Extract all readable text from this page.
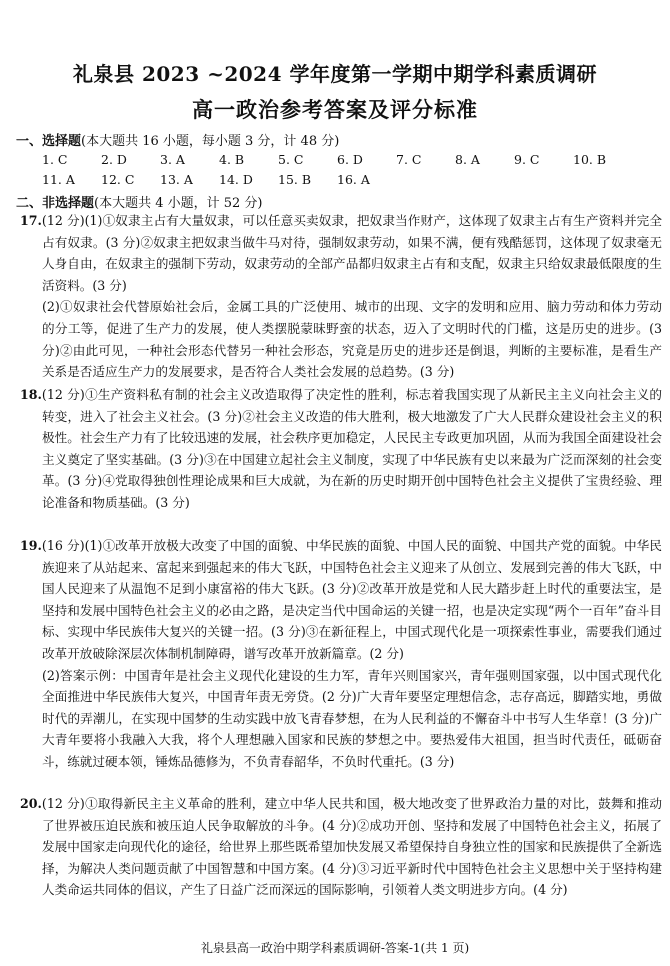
礼泉县 2023 ~2024 学年度第一学期中期学科素质调研
高一政治参考答案及评分标准
一、选择题(本大题共 16 小题，每小题 3 分，计 48 分)
1. C	2. D	3. A	4. B	5. C	6. D	7. C	8. A	9. C	10. B
11. A 12. C 13. A 14. D 15. B 16. A
二、非选择题(本大题共 4 小题，计 52 分)

17.(12 分)(1)①奴隶主占有大量奴隶，可以任意买卖奴隶，把奴隶当作财产，这体现了奴隶主占有生产资料并完全占有奴隶。(3 分)②奴隶主把奴隶当做牛马对待，强制奴隶劳动，如果不满，便有残酷惩罚，这体现了奴隶毫无人身自由，在奴隶主的强制下劳动，奴隶劳动的全部产品都归奴隶主占有和支配，奴隶主只给奴隶最低限度的生活资料。(3 分)

(2)①奴隶社会代替原始社会后，金属工具的广泛使用、城市的出现、文字的发明和应用、脑力劳动和体力劳动的分工等，促进了生产力的发展，使人类摆脱蒙昧野蛮的状态，迈入了文明时代的门槛，这是历史的进步。(3 分)②由此可见，一种社会形态代替另一种社会形态，究竟是历史的进步还是倒退，判断的主要标准，是看生产关系是否适应生产力的发展要求，是否符合人类社会发展的总趋势。(3 分)

18.(12 分)①生产资料私有制的社会主义改造取得了决定性的胜利，标志着我国实现了从新民主主义向社会主义的转变，进入了社会主义社会。(3 分)②社会主义改造的伟大胜利，极大地激发了广大人民群众建设社会主义的积极性。社会生产力有了比较迅速的发展，社会秩序更加稳定，人民民主专政更加巩固，从而为我国全面建设社会主义奠定了坚实基础。(3 分)③在中国建立起社会主义制度，实现了中华民族有史以来最为广泛而深刻的社会变革。(3 分)④党取得独创性理论成果和巨大成就，为在新的历史时期开创中国特色社会主义提供了宝贵经验、理论准备和物质基础。(3 分)

19.(16 分)(1)①改革开放极大改变了中国的面貌、中华民族的面貌、中国人民的面貌、中国共产党的面貌。中华民族迎来了从站起来、富起来到强起来的伟大飞跃，中国特色社会主义迎来了从创立、发展到完善的伟大飞跃，中国人民迎来了从温饱不足到小康富裕的伟大飞跃。(3 分)②改革开放是党和人民大踏步赶上时代的重要法宝，是坚持和发展中国特色社会主义的必由之路，是决定当代中国命运的关键一招，也是决定实现“两个一百年”奋斗目标、实现中华民族伟大复兴的关键一招。(3 分)③在新征程上，中国式现代化是一项探索性事业，需要我们通过改革开放破除深层次体制机制障碍，谱写改革开放新篇章。(2 分)

(2)答案示例：中国青年是社会主义现代化建设的生力军，青年兴则国家兴，青年强则国家强，以中国式现代化全面推进中华民族伟大复兴，中国青年责无旁贷。(2 分)广大青年要坚定理想信念，志存高远，脚踏实地，勇做时代的弄潮儿，在实现中国梦的生动实践中放飞青春梦想，在为人民利益的不懈奋斗中书写人生华章！(3 分)广大青年要将小我融入大我，将个人理想融入国家和民族的梦想之中。要热爱伟大祖国，担当时代责任，砥砺奋斗，练就过硬本领，锤炼品德修为，不负青春韶华，不负时代重托。(3 分)

20.(12 分)①取得新民主主义革命的胜利，建立中华人民共和国，极大地改变了世界政治力量的对比，鼓舞和推动了世界被压迫民族和被压迫人民争取解放的斗争。(4 分)②成功开创、坚持和发展了中国特色社会主义，拓展了发展中国家走向现代化的途径，给世界上那些既希望加快发展又希望保持自身独立性的国家和民族提供了全新选择，为解决人类问题贡献了中国智慧和中国方案。(4 分)③习近平新时代中国特色社会主义思想中关于坚持构建人类命运共同体的倡议，产生了日益广泛而深远的国际影响，引领着人类文明进步方向。(4 分)

礼泉县高一政治中期学科素质调研-答案-1(共 1 页)
